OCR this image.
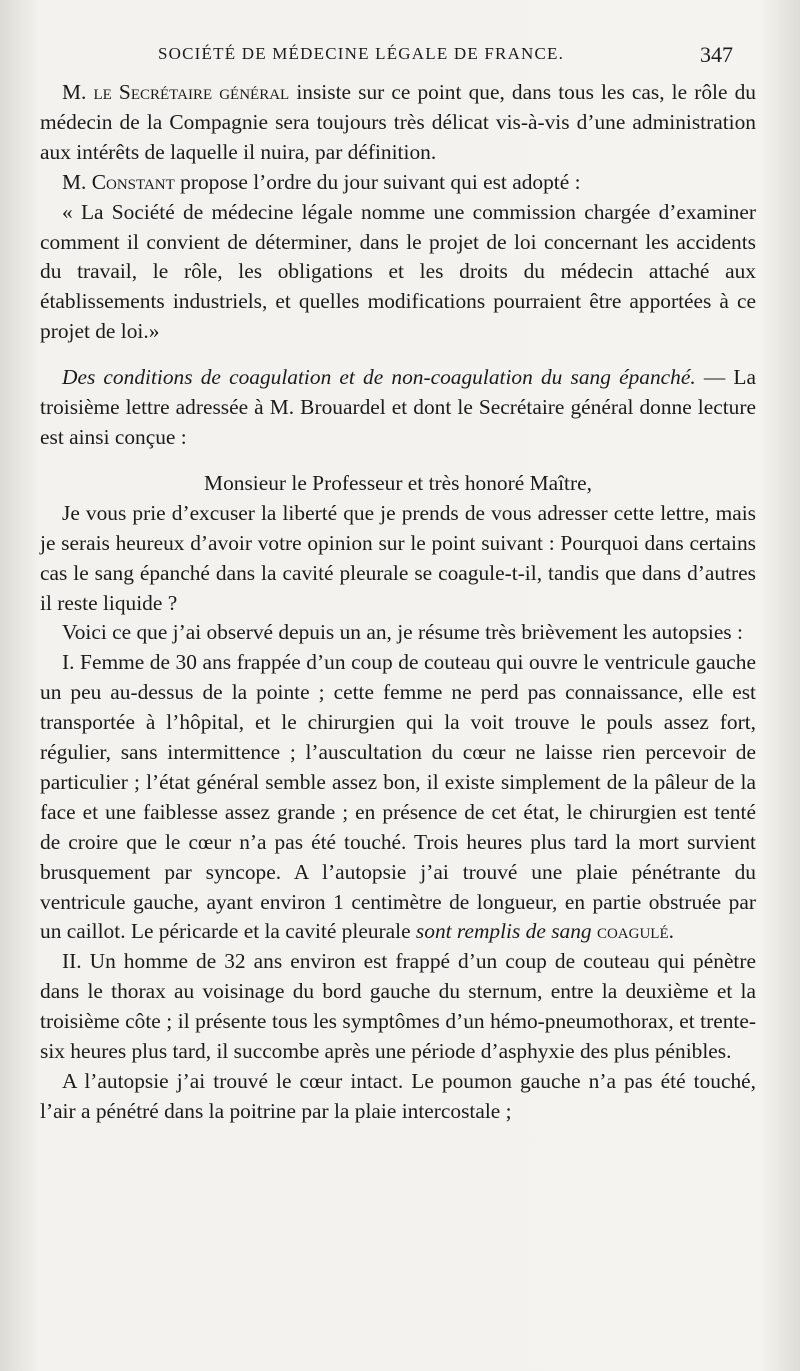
SOCIÉTÉ DE MÉDECINE LÉGALE DE FRANCE.	347

M. le Secrétaire général insiste sur ce point que, dans tous les cas, le rôle du médecin de la Compagnie sera toujours très délicat vis-à-vis d’une administration aux intérêts de laquelle il nuira, par définition.

M. Constant propose l’ordre du jour suivant qui est adopté :

« La Société de médecine légale nomme une commission chargée d’examiner comment il convient de déterminer, dans le projet de loi concernant les accidents du travail, le rôle, les obligations et les droits du médecin attaché aux établissements industriels, et quelles modifications pourraient être apportées à ce projet de loi.»

Des conditions de coagulation et de non-coagulation du sang épanché. — La troisième lettre adressée à M. Brouardel et dont le Secrétaire général donne lecture est ainsi conçue :

Monsieur le Professeur et très honoré Maître,

Je vous prie d’excuser la liberté que je prends de vous adresser cette lettre, mais je serais heureux d’avoir votre opinion sur le point suivant : Pourquoi dans certains cas le sang épanché dans la cavité pleurale se coagule-t-il, tandis que dans d’autres il reste liquide ?

Voici ce que j’ai observé depuis un an, je résume très brièvement les autopsies :

I. Femme de 30 ans frappée d’un coup de couteau qui ouvre le ventricule gauche un peu au-dessus de la pointe ; cette femme ne perd pas connaissance, elle est transportée à l’hôpital, et le chirurgien qui la voit trouve le pouls assez fort, régulier, sans intermittence ; l’auscultation du cœur ne laisse rien percevoir de particulier ; l’état général semble assez bon, il existe simplement de la pâleur de la face et une faiblesse assez grande ; en présence de cet état, le chirurgien est tenté de croire que le cœur n’a pas été touché. Trois heures plus tard la mort survient brusquement par syncope. A l’autopsie j’ai trouvé une plaie pénétrante du ventricule gauche, ayant environ 1 centimètre de longueur, en partie obstruée par un caillot. Le péricarde et la cavité pleurale sont remplis de sang coagulé.

II. Un homme de 32 ans environ est frappé d’un coup de couteau qui pénètre dans le thorax au voisinage du bord gauche du sternum, entre la deuxième et la troisième côte ; il présente tous les symptômes d’un hémo-pneumothorax, et trente-six heures plus tard, il succombe après une période d’asphyxie des plus pénibles.

A l’autopsie j’ai trouvé le cœur intact. Le poumon gauche n’a pas été touché, l’air a pénétré dans la poitrine par la plaie intercostale ;
